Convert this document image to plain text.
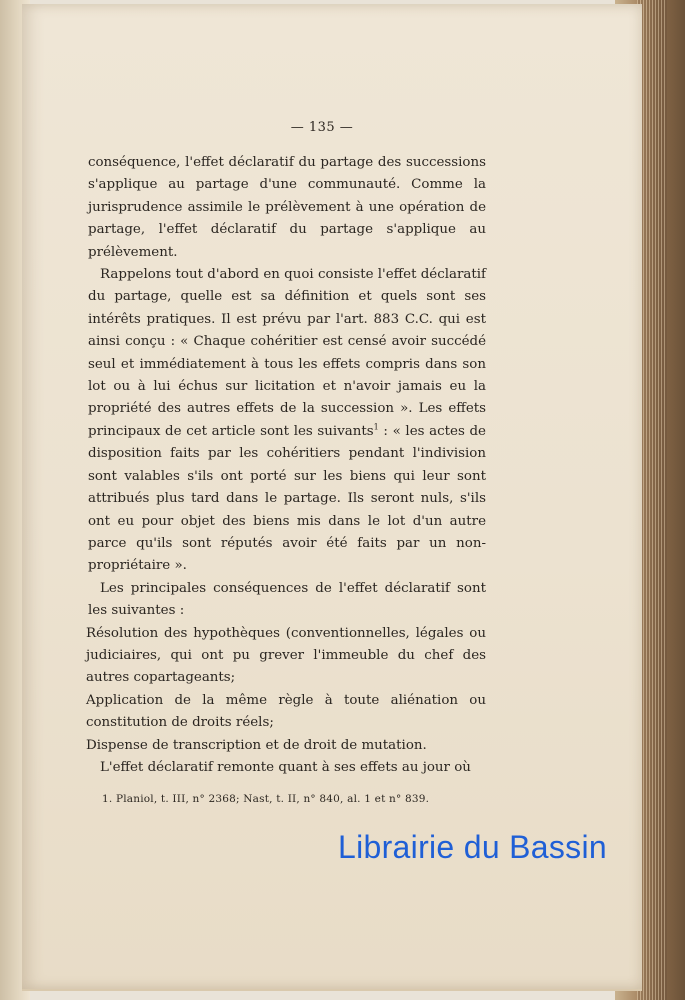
— 135 —

conséquence, l'effet déclaratif du partage des successions s'applique au partage d'une communauté. Comme la jurisprudence assimile le prélèvement à une opération de partage, l'effet déclaratif du partage s'applique au prélèvement.

Rappelons tout d'abord en quoi consiste l'effet déclaratif du partage, quelle est sa définition et quels sont ses intérêts pratiques. Il est prévu par l'art. 883 C.C. qui est ainsi conçu : « Chaque cohéritier est censé avoir succédé seul et immédiatement à tous les effets compris dans son lot ou à lui échus sur licitation et n'avoir jamais eu la propriété des autres effets de la succession ». Les effets principaux de cet article sont les suivants$^1$ : « les actes de disposition faits par les cohéritiers pendant l'indivision sont valables s'ils ont porté sur les biens qui leur sont attribués plus tard dans le partage. Ils seront nuls, s'ils ont eu pour objet des biens mis dans le lot d'un autre parce qu'ils sont réputés avoir été faits par un non-propriétaire ».

Les principales conséquences de l'effet déclaratif sont les suivantes :

Résolution des hypothèques (conventionnelles, légales ou judiciaires, qui ont pu grever l'immeuble du chef des autres copartageants;

Application de la même règle à toute aliénation ou constitution de droits réels;

Dispense de transcription et de droit de mutation.

L'effet déclaratif remonte quant à ses effets au jour où

1. Planiol, t. III, n° 2368; Nast, t. II, n° 840, al. 1 et n° 839.
Librairie du Bassin
